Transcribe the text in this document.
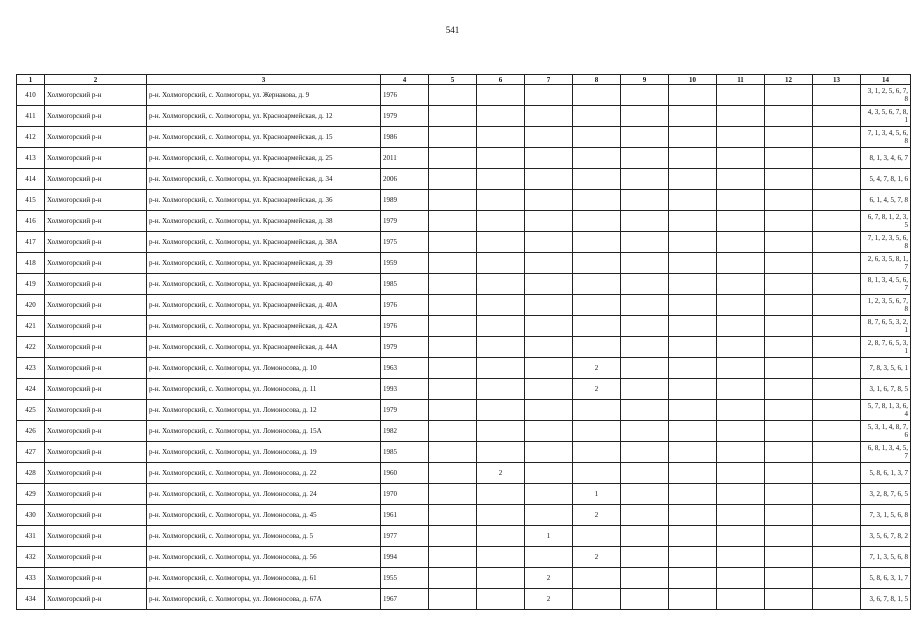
541
1	2	3	4	5	6	7	8	9	10	11	12	13	14
410	Холмогорский р-н	р-н. Холмогорский, с. Холмогоры, ул. Жернакова, д. 9	1976										3, 1, 2, 5, 6, 7, 8
411	Холмогорский р-н	р-н. Холмогорский, с. Холмогоры, ул. Красноармейская, д. 12	1979										4, 3, 5, 6, 7, 8, 1
412	Холмогорский р-н	р-н. Холмогорский, с. Холмогоры, ул. Красноармейская, д. 15	1986										7, 1, 3, 4, 5, 6, 8
413	Холмогорский р-н	р-н. Холмогорский, с. Холмогоры, ул. Красноармейская, д. 25	2011										8, 1, 3, 4, 6, 7
414	Холмогорский р-н	р-н. Холмогорский, с. Холмогоры, ул. Красноармейская, д. 34	2006										5, 4, 7, 8, 1, 6
415	Холмогорский р-н	р-н. Холмогорский, с. Холмогоры, ул. Красноармейская, д. 36	1989										6, 1, 4, 5, 7, 8
416	Холмогорский р-н	р-н. Холмогорский, с. Холмогоры, ул. Красноармейская, д. 38	1979										6, 7, 8, 1, 2, 3, 5
417	Холмогорский р-н	р-н. Холмогорский, с. Холмогоры, ул. Красноармейская, д. 38А	1975										7, 1, 2, 3, 5, 6, 8
418	Холмогорский р-н	р-н. Холмогорский, с. Холмогоры, ул. Красноармейская, д. 39	1959										2, 6, 3, 5, 8, 1, 7
419	Холмогорский р-н	р-н. Холмогорский, с. Холмогоры, ул. Красноармейская, д. 40	1985										8, 1, 3, 4, 5, 6, 7
420	Холмогорский р-н	р-н. Холмогорский, с. Холмогоры, ул. Красноармейская, д. 40А	1976										1, 2, 3, 5, 6, 7, 8
421	Холмогорский р-н	р-н. Холмогорский, с. Холмогоры, ул. Красноармейская, д. 42А	1976										8, 7, 6, 5, 3, 2, 1
422	Холмогорский р-н	р-н. Холмогорский, с. Холмогоры, ул. Красноармейская, д. 44А	1979										2, 8, 7, 6, 5, 3, 1
423	Холмогорский р-н	р-н. Холмогорский, с. Холмогоры, ул. Ломоносова, д. 10	1963				2						7, 8, 3, 5, 6, 1
424	Холмогорский р-н	р-н. Холмогорский, с. Холмогоры, ул. Ломоносова, д. 11	1993				2						3, 1, 6, 7, 8, 5
425	Холмогорский р-н	р-н. Холмогорский, с. Холмогоры, ул. Ломоносова, д. 12	1979										5, 7, 8, 1, 3, 6, 4
426	Холмогорский р-н	р-н. Холмогорский, с. Холмогоры, ул. Ломоносова, д. 15А	1982										5, 3, 1, 4, 8, 7, 6
427	Холмогорский р-н	р-н. Холмогорский, с. Холмогоры, ул. Ломоносова, д. 19	1985										6, 8, 1, 3, 4, 5, 7
428	Холмогорский р-н	р-н. Холмогорский, с. Холмогоры, ул. Ломоносова, д. 22	1960		2								5, 8, 6, 1, 3, 7
429	Холмогорский р-н	р-н. Холмогорский, с. Холмогоры, ул. Ломоносова, д. 24	1970				1						3, 2, 8, 7, 6, 5
430	Холмогорский р-н	р-н. Холмогорский, с. Холмогоры, ул. Ломоносова, д. 45	1961				2						7, 3, 1, 5, 6, 8
431	Холмогорский р-н	р-н. Холмогорский, с. Холмогоры, ул. Ломоносова, д. 5	1977			1							3, 5, 6, 7, 8, 2
432	Холмогорский р-н	р-н. Холмогорский, с. Холмогоры, ул. Ломоносова, д. 56	1994				2						7, 1, 3, 5, 6, 8
433	Холмогорский р-н	р-н. Холмогорский, с. Холмогоры, ул. Ломоносова, д. 61	1955			2							5, 8, 6, 3, 1, 7
434	Холмогорский р-н	р-н. Холмогорский, с. Холмогоры, ул. Ломоносова, д. 67А	1967			2							3, 6, 7, 8, 1, 5
